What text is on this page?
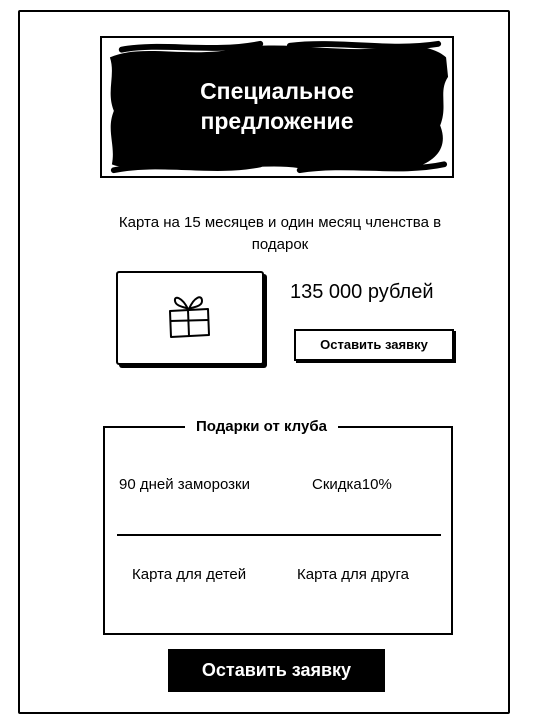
Специальное
предложение
Карта на 15 месяцев и один месяц членства в подарок
135 000 рублей
Оставить заявку
Подарки от клуба
90 дней заморозки	Скидка10%
Карта для детей	Карта для друга
Оставить заявку
